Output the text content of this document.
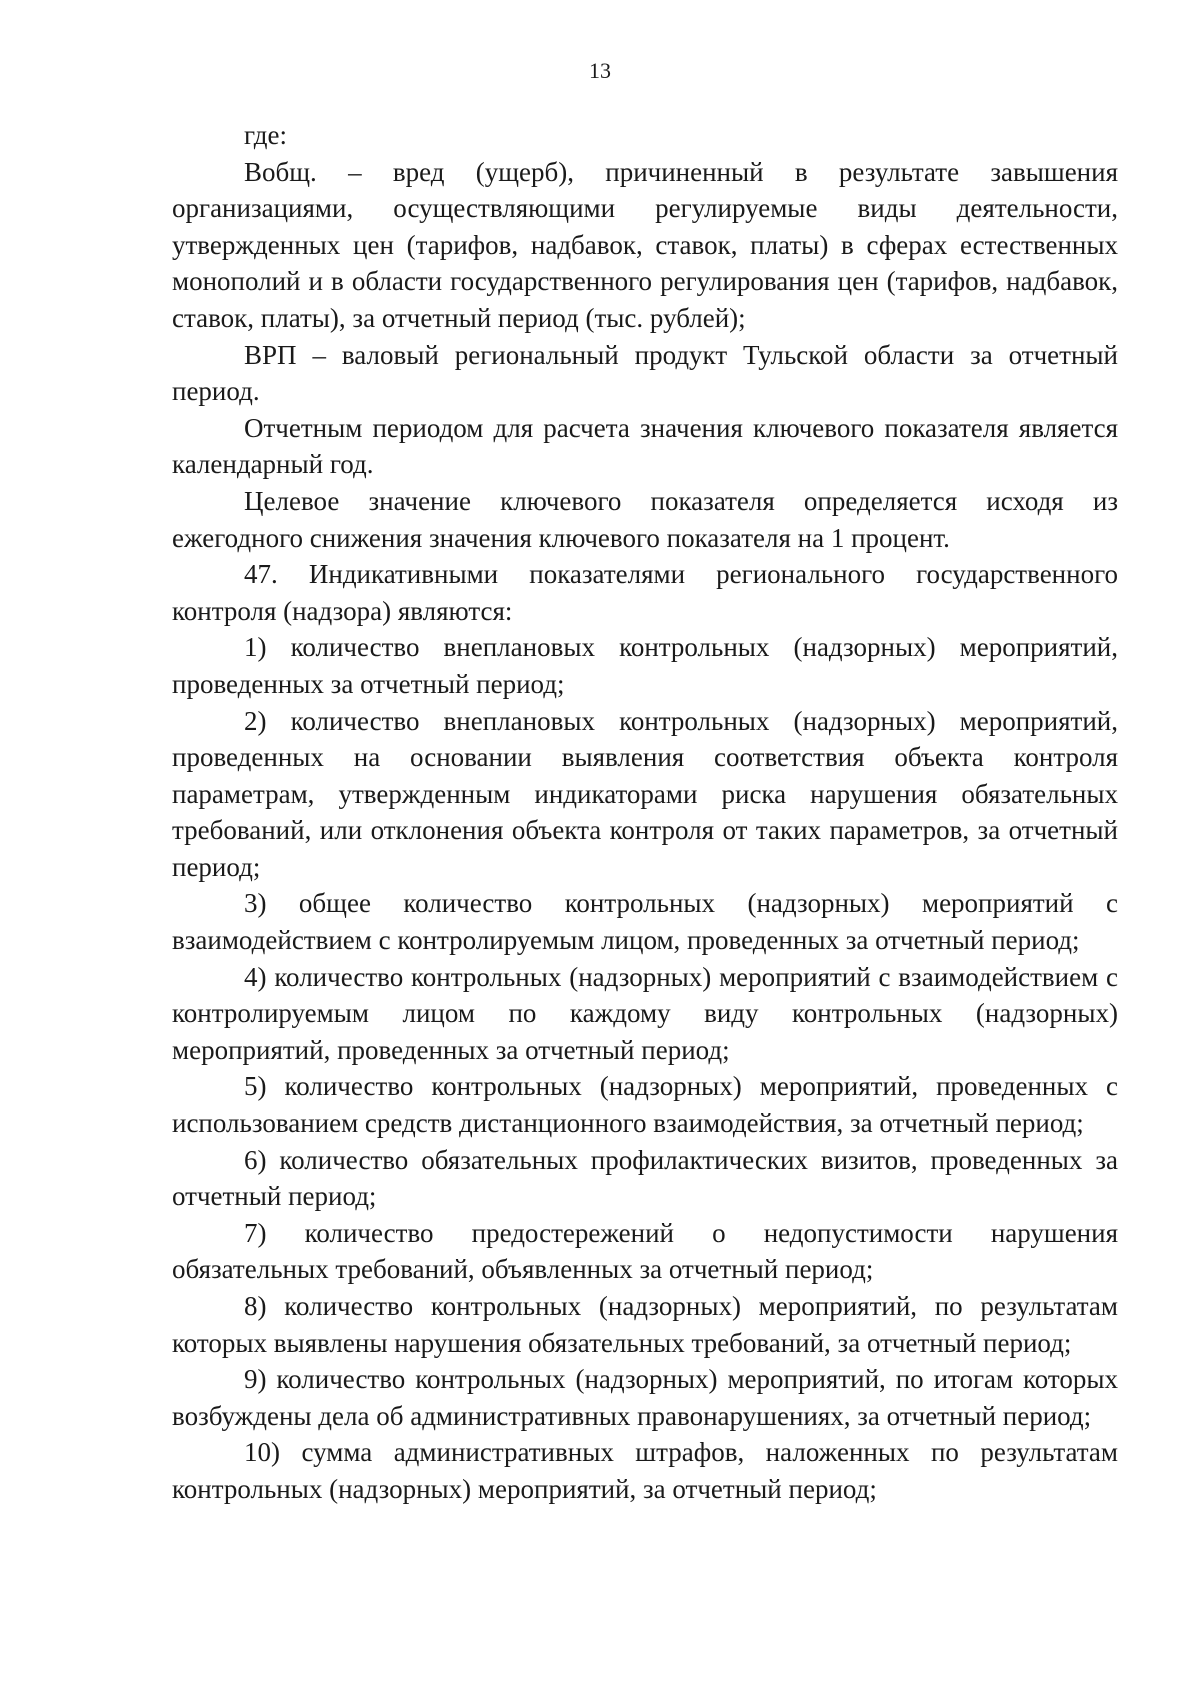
13

где:

Вобщ. – вред (ущерб), причиненный в результате завышения организациями, осуществляющими регулируемые виды деятельности, утвержденных цен (тарифов, надбавок, ставок, платы) в сферах естественных монополий и в области государственного регулирования цен (тарифов, надбавок, ставок, платы), за отчетный период (тыс. рублей);

ВРП – валовый региональный продукт Тульской области за отчетный период.

Отчетным периодом для расчета значения ключевого показателя является календарный год.

Целевое значение ключевого показателя определяется исходя из ежегодного снижения значения ключевого показателя на 1 процент.

47. Индикативными показателями регионального государственного контроля (надзора) являются:

1) количество внеплановых контрольных (надзорных) мероприятий, проведенных за отчетный период;

2) количество внеплановых контрольных (надзорных) мероприятий, проведенных на основании выявления соответствия объекта контроля параметрам, утвержденным индикаторами риска нарушения обязательных требований, или отклонения объекта контроля от таких параметров, за отчетный период;

3) общее количество контрольных (надзорных) мероприятий с взаимодействием с контролируемым лицом, проведенных за отчетный период;

4) количество контрольных (надзорных) мероприятий с взаимодействием с контролируемым лицом по каждому виду контрольных (надзорных) мероприятий, проведенных за отчетный период;

5) количество контрольных (надзорных) мероприятий, проведенных с использованием средств дистанционного взаимодействия, за отчетный период;

6) количество обязательных профилактических визитов, проведенных за отчетный период;

7) количество предостережений о недопустимости нарушения обязательных требований, объявленных за отчетный период;

8) количество контрольных (надзорных) мероприятий, по результатам которых выявлены нарушения обязательных требований, за отчетный период;

9) количество контрольных (надзорных) мероприятий, по итогам которых возбуждены дела об административных правонарушениях, за отчетный период;

10) сумма административных штрафов, наложенных по результатам контрольных (надзорных) мероприятий, за отчетный период;
